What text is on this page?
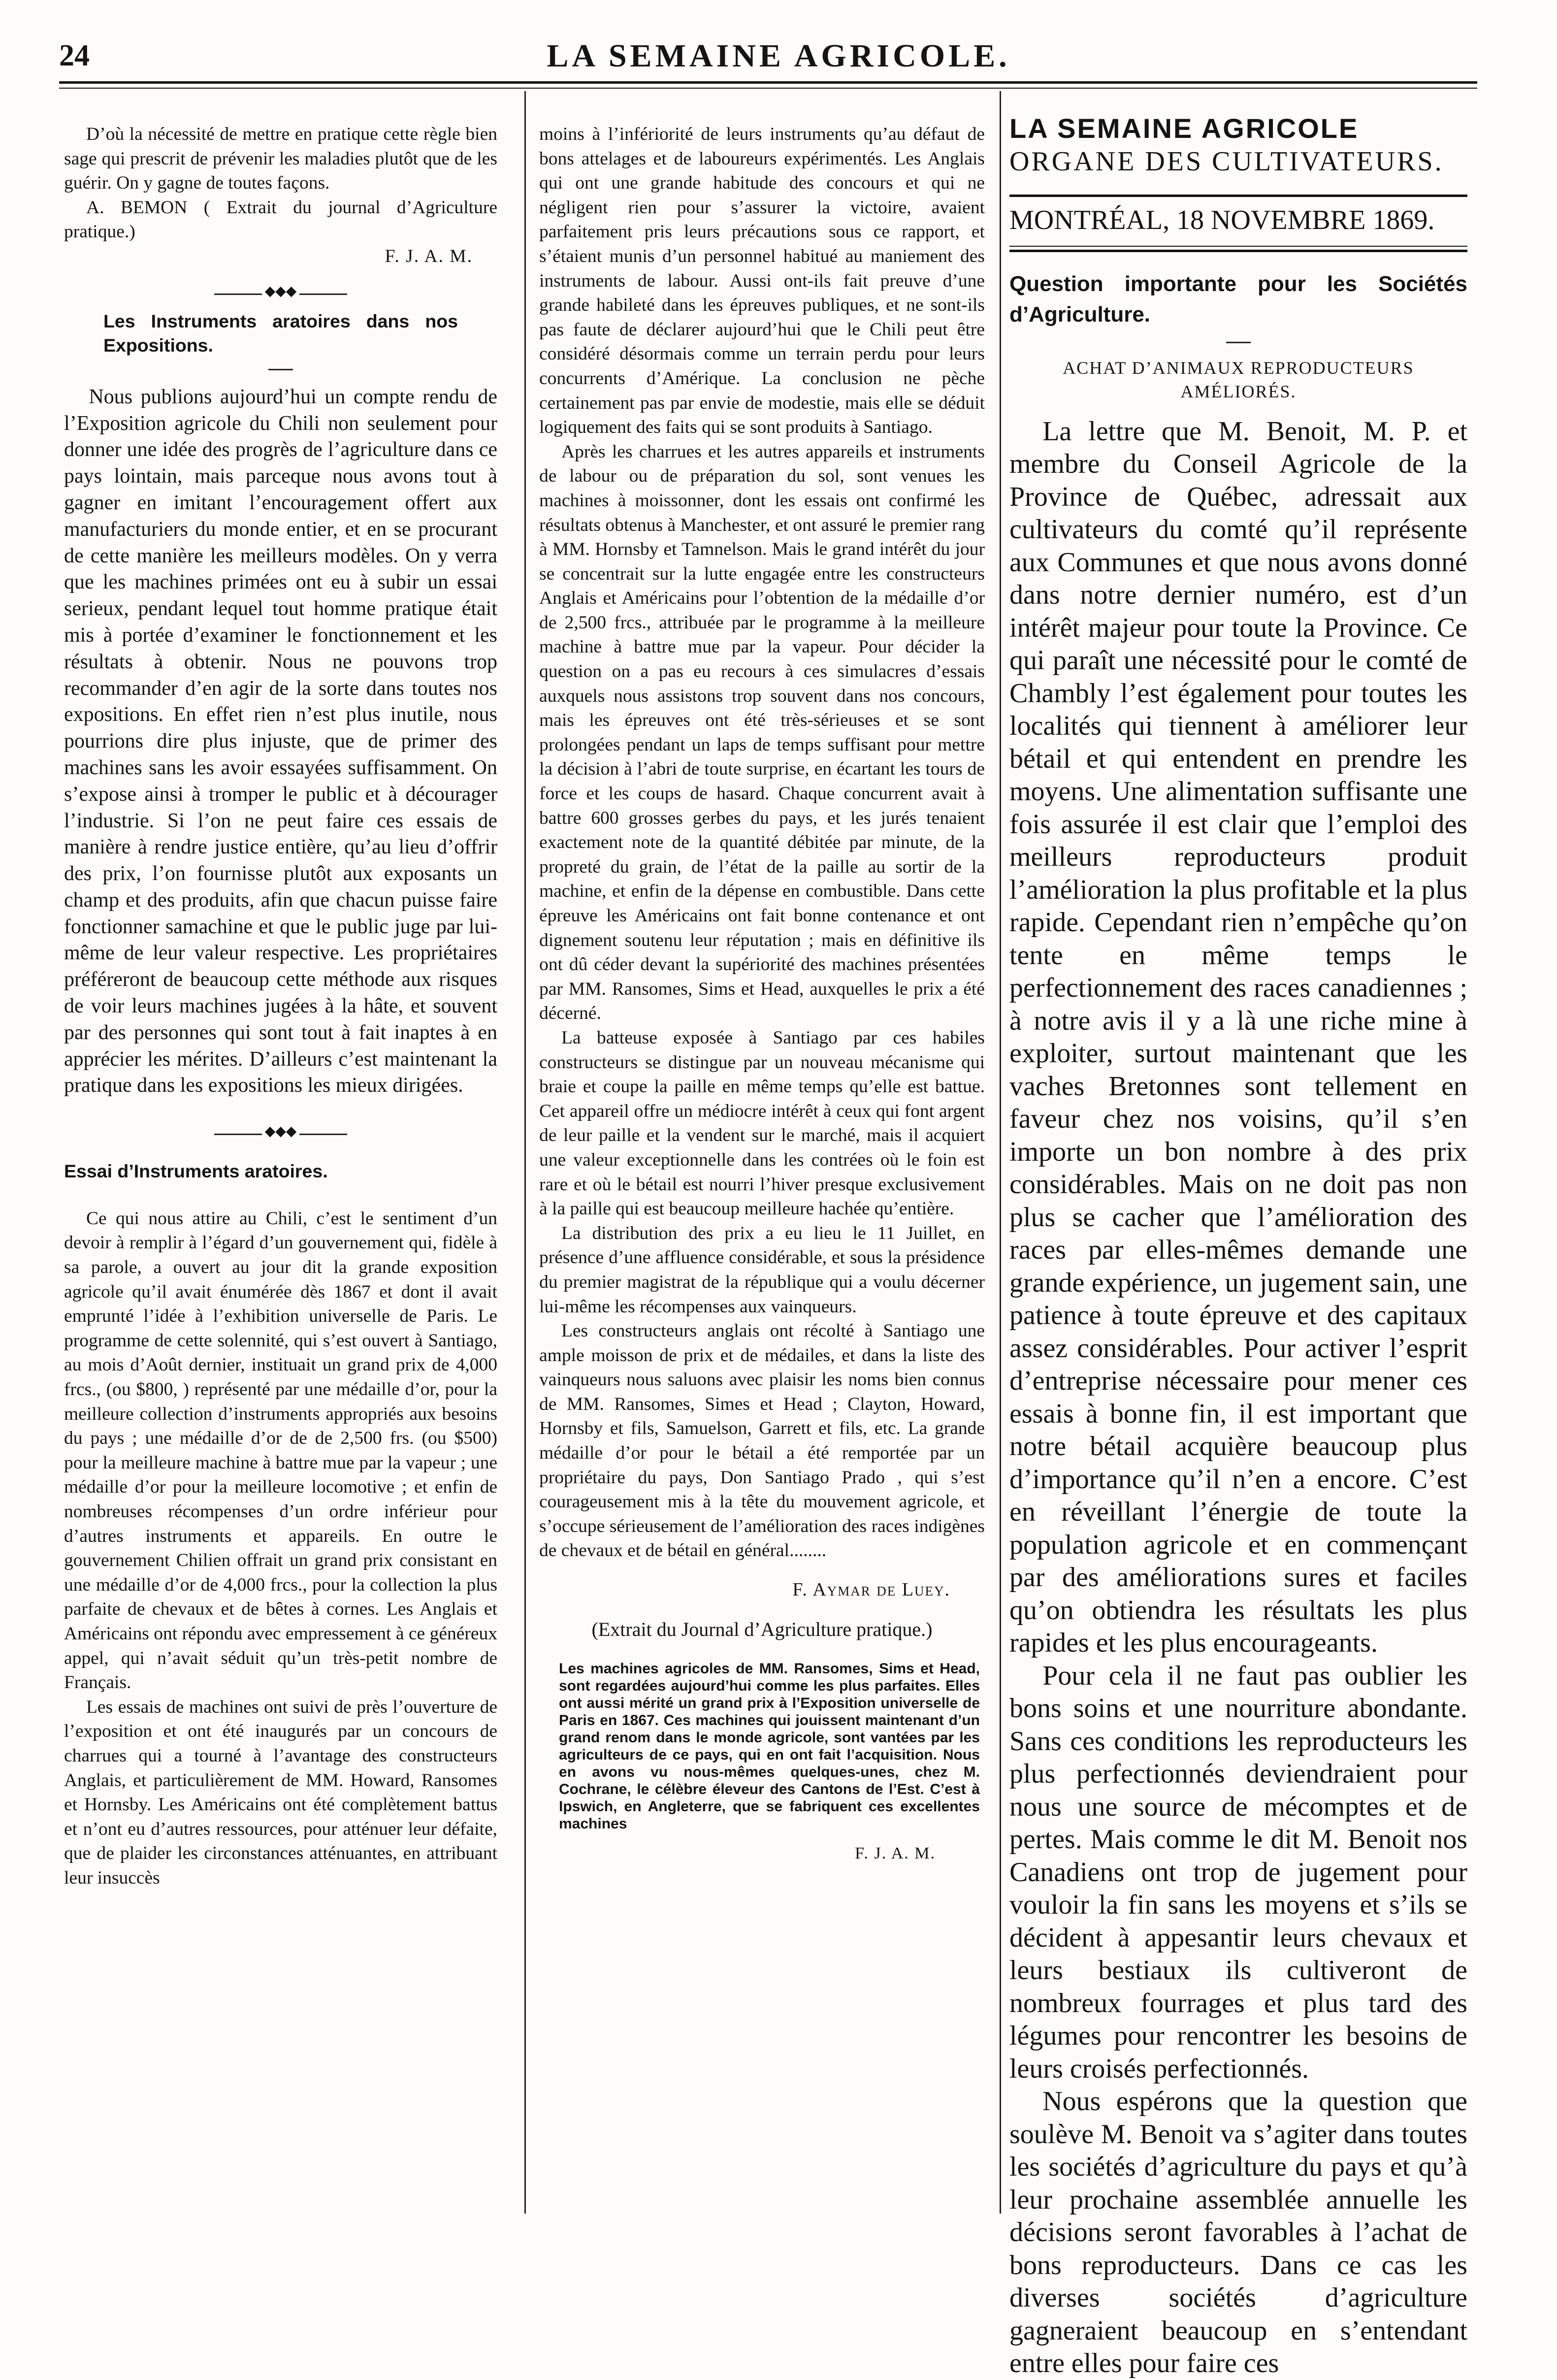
24	LA SEMAINE AGRICOLE.

D’où la nécessité de mettre en pratique cette règle bien sage qui prescrit de prévenir les maladies plutôt que de les guérir. On y gagne de toutes façons.

A. BEMON ( Extrait du journal d’Agriculture pratique.)

F. J. A. M.

◆◆◆

Les Instruments aratoires dans nos Expositions.

Nous publions aujourd’hui un compte rendu de l’Exposition agricole du Chili non seulement pour donner une idée des progrès de l’agriculture dans ce pays lointain, mais parceque nous avons tout à gagner en imitant l’encouragement offert aux manufacturiers du monde entier, et en se procurant de cette manière les meilleurs modèles. On y verra que les machines primées ont eu à subir un essai serieux, pendant lequel tout homme pratique était mis à portée d’examiner le fonctionnement et les résultats à obtenir. Nous ne pouvons trop recommander d’en agir de la sorte dans toutes nos expositions. En effet rien n’est plus inutile, nous pourrions dire plus injuste, que de primer des machines sans les avoir essayées suffisamment. On s’expose ainsi à tromper le public et à décourager l’industrie. Si l’on ne peut faire ces essais de manière à rendre justice entière, qu’au lieu d’offrir des prix, l’on fournisse plutôt aux exposants un champ et des produits, afin que chacun puisse faire fonctionner samachine et que le public juge par lui-même de leur valeur respective. Les propriétaires préféreront de beaucoup cette méthode aux risques de voir leurs machines jugées à la hâte, et souvent par des personnes qui sont tout à fait inaptes à en apprécier les mérites. D’ailleurs c’est maintenant la pratique dans les expositions les mieux dirigées.

◆◆◆

Essai d’Instruments aratoires.

Ce qui nous attire au Chili, c’est le sentiment d’un devoir à remplir à l’égard d’un gouvernement qui, fidèle à sa parole, a ouvert au jour dit la grande exposition agricole qu’il avait énumérée dès 1867 et dont il avait emprunté l’idée à l’exhibition universelle de Paris. Le programme de cette solennité, qui s’est ouvert à Santiago, au mois d’Août dernier, instituait un grand prix de 4,000 frcs., (ou $800, ) représenté par une médaille d’or, pour la meilleure collection d’instruments appropriés aux besoins du pays ; une médaille d’or de de 2,500 frs. (ou $500) pour la meilleure machine à battre mue par la vapeur ; une médaille d’or pour la meilleure locomotive ; et enfin de nombreuses récompenses d’un ordre inférieur pour d’autres instruments et appareils. En outre le gouvernement Chilien offrait un grand prix consistant en une médaille d’or de 4,000 frcs., pour la collection la plus parfaite de chevaux et de bêtes à cornes. Les Anglais et Américains ont répondu avec empressement à ce généreux appel, qui n’avait séduit qu’un très-petit nombre de Français.

Les essais de machines ont suivi de près l’ouverture de l’exposition et ont été inaugurés par un concours de charrues qui a tourné à l’avantage des constructeurs Anglais, et particulièrement de MM. Howard, Ransomes et Hornsby. Les Américains ont été complètement battus et n’ont eu d’autres ressources, pour atténuer leur défaite, que de plaider les circonstances atténuantes, en attribuant leur insuccès

moins à l’infériorité de leurs instruments qu’au défaut de bons attelages et de laboureurs expérimentés. Les Anglais qui ont une grande habitude des concours et qui ne négligent rien pour s’assurer la victoire, avaient parfaitement pris leurs précautions sous ce rapport, et s’étaient munis d’un personnel habitué au maniement des instruments de labour. Aussi ont-ils fait preuve d’une grande habileté dans les épreuves publiques, et ne sont-ils pas faute de déclarer aujourd’hui que le Chili peut être considéré désormais comme un terrain perdu pour leurs concurrents d’Amérique. La conclusion ne pèche certainement pas par envie de modestie, mais elle se déduit logiquement des faits qui se sont produits à Santiago.

Après les charrues et les autres appareils et instruments de labour ou de préparation du sol, sont venues les machines à moissonner, dont les essais ont confirmé les résultats obtenus à Manchester, et ont assuré le premier rang à MM. Hornsby et Tamnelson. Mais le grand intérêt du jour se concentrait sur la lutte engagée entre les constructeurs Anglais et Américains pour l’obtention de la médaille d’or de 2,500 frcs., attribuée par le programme à la meilleure machine à battre mue par la vapeur. Pour décider la question on a pas eu recours à ces simulacres d’essais auxquels nous assistons trop souvent dans nos concours, mais les épreuves ont été très-sérieuses et se sont prolongées pendant un laps de temps suffisant pour mettre la décision à l’abri de toute surprise, en écartant les tours de force et les coups de hasard. Chaque concurrent avait à battre 600 grosses gerbes du pays, et les jurés tenaient exactement note de la quantité débitée par minute, de la propreté du grain, de l’état de la paille au sortir de la machine, et enfin de la dépense en combustible. Dans cette épreuve les Américains ont fait bonne contenance et ont dignement soutenu leur réputation ; mais en définitive ils ont dû céder devant la supériorité des machines présentées par MM. Ransomes, Sims et Head, auxquelles le prix a été décerné.

La batteuse exposée à Santiago par ces habiles constructeurs se distingue par un nouveau mécanisme qui braie et coupe la paille en même temps qu’elle est battue. Cet appareil offre un médiocre intérêt à ceux qui font argent de leur paille et la vendent sur le marché, mais il acquiert une valeur exceptionnelle dans les contrées où le foin est rare et où le bétail est nourri l’hiver presque exclusivement à la paille qui est beaucoup meilleure hachée qu’entière.

La distribution des prix a eu lieu le 11 Juillet, en présence d’une affluence considérable, et sous la présidence du premier magistrat de la république qui a voulu décerner lui-même les récompenses aux vainqueurs.

Les constructeurs anglais ont récolté à Santiago une ample moisson de prix et de médailes, et dans la liste des vainqueurs nous saluons avec plaisir les noms bien connus de MM. Ransomes, Simes et Head ; Clayton, Howard, Hornsby et fils, Samuelson, Garrett et fils, etc. La grande médaille d’or pour le bétail a été remportée par un propriétaire du pays, Don Santiago Prado , qui s’est courageusement mis à la tête du mouvement agricole, et s’occupe sérieusement de l’amélioration des races indigènes de chevaux et de bétail en général........

F. Aymar de Luey.

(Extrait du Journal d’Agriculture pratique.)

Les machines agricoles de MM. Ransomes, Sims et Head, sont regardées aujourd’hui comme les plus parfaites. Elles ont aussi mérité un grand prix à l’Exposition universelle de Paris en 1867. Ces machines qui jouissent maintenant d’un grand renom dans le monde agricole, sont vantées par les agriculteurs de ce pays, qui en ont fait l’acquisition. Nous en avons vu nous-mêmes quelques-unes, chez M. Cochrane, le célèbre éleveur des Cantons de l’Est. C’est à Ipswich, en Angleterre, que se fabriquent ces excellentes machines

F. J. A. M.

LA SEMAINE AGRICOLE

ORGANE DES CULTIVATEURS.

MONTRÉAL, 18 NOVEMBRE 1869.

Question importante pour les Sociétés d’Agriculture.

ACHAT D’ANIMAUX REPRODUCTEURS AMÉLIORÉS.

La lettre que M. Benoit, M. P. et membre du Conseil Agricole de la Province de Québec, adressait aux cultivateurs du comté qu’il représente aux Communes et que nous avons donné dans notre dernier numéro, est d’un intérêt majeur pour toute la Province. Ce qui paraît une nécessité pour le comté de Chambly l’est également pour toutes les localités qui tiennent à améliorer leur bétail et qui entendent en prendre les moyens. Une alimentation suffisante une fois assurée il est clair que l’emploi des meilleurs reproducteurs produit l’amélioration la plus profitable et la plus rapide. Cependant rien n’empêche qu’on tente en même temps le perfectionnement des races canadiennes ; à notre avis il y a là une riche mine à exploiter, surtout maintenant que les vaches Bretonnes sont tellement en faveur chez nos voisins, qu’il s’en importe un bon nombre à des prix considérables. Mais on ne doit pas non plus se cacher que l’amélioration des races par elles-mêmes demande une grande expérience, un jugement sain, une patience à toute épreuve et des capitaux assez considérables. Pour activer l’esprit d’entreprise nécessaire pour mener ces essais à bonne fin, il est important que notre bétail acquière beaucoup plus d’importance qu’il n’en a encore. C’est en réveillant l’énergie de toute la population agricole et en commençant par des améliorations sures et faciles qu’on obtiendra les résultats les plus rapides et les plus encourageants.

Pour cela il ne faut pas oublier les bons soins et une nourriture abondante. Sans ces conditions les reproducteurs les plus perfectionnés deviendraient pour nous une source de mécomptes et de pertes. Mais comme le dit M. Benoit nos Canadiens ont trop de jugement pour vouloir la fin sans les moyens et s’ils se décident à appesantir leurs chevaux et leurs bestiaux ils cultiveront de nombreux fourrages et plus tard des légumes pour rencontrer les besoins de leurs croisés perfectionnés.

Nous espérons que la question que soulève M. Benoit va s’agiter dans toutes les sociétés d’agriculture du pays et qu’à leur prochaine assemblée annuelle les décisions seront favorables à l’achat de bons reproducteurs. Dans ce cas les diverses sociétés d’agriculture gagneraient beaucoup en s’entendant entre elles pour faire ces
